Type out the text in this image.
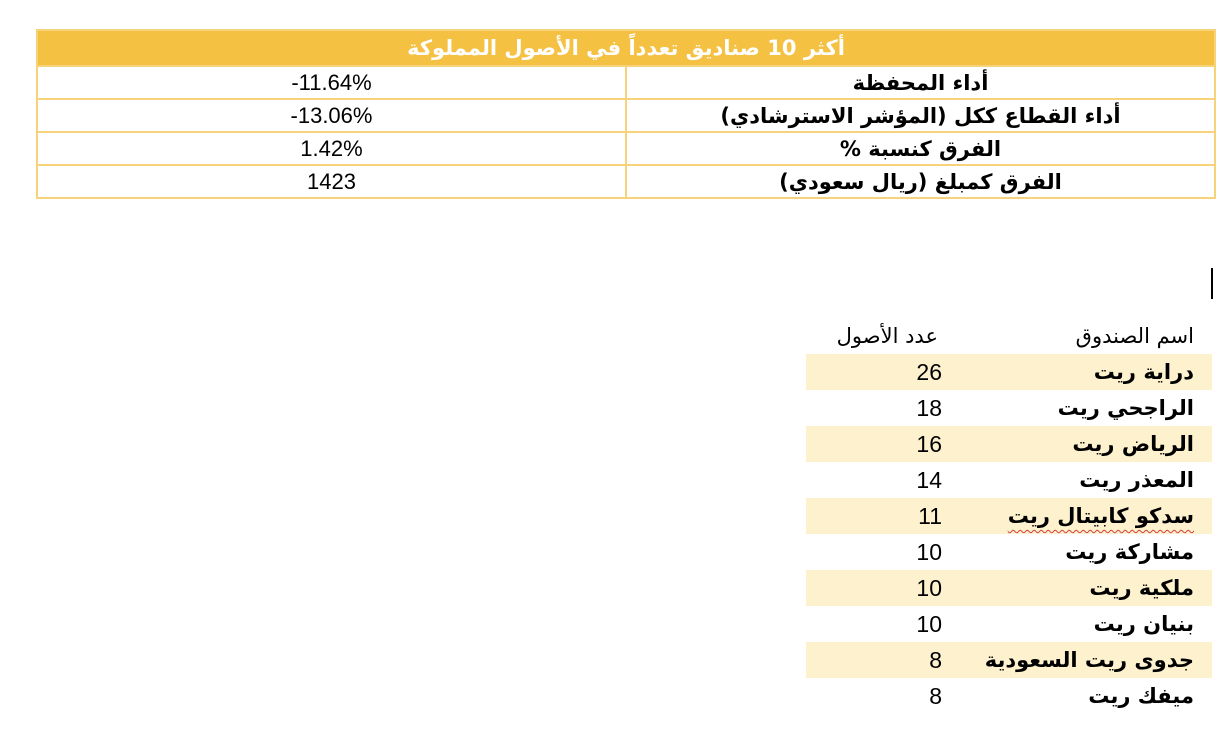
أكثر 10 صناديق تعدداً في الأصول المملوكة	
-11.64%	أداء المحفظة
-13.06%	أداء القطاع ككل (المؤشر الاسترشادي)
1.42%	الفرق كنسبة %
1423	الفرق كمبلغ (ريال سعودي)
عدد الأصول	اسم الصندوق
26	دراية ريت
18	الراجحي ريت
16	الرياض ريت
14	المعذر ريت
11	سدكو كابيتال ريت
10	مشاركة ريت
10	ملكية ريت
10	بنيان ريت
8	جدوى ريت السعودية
8	ميفك ريت
